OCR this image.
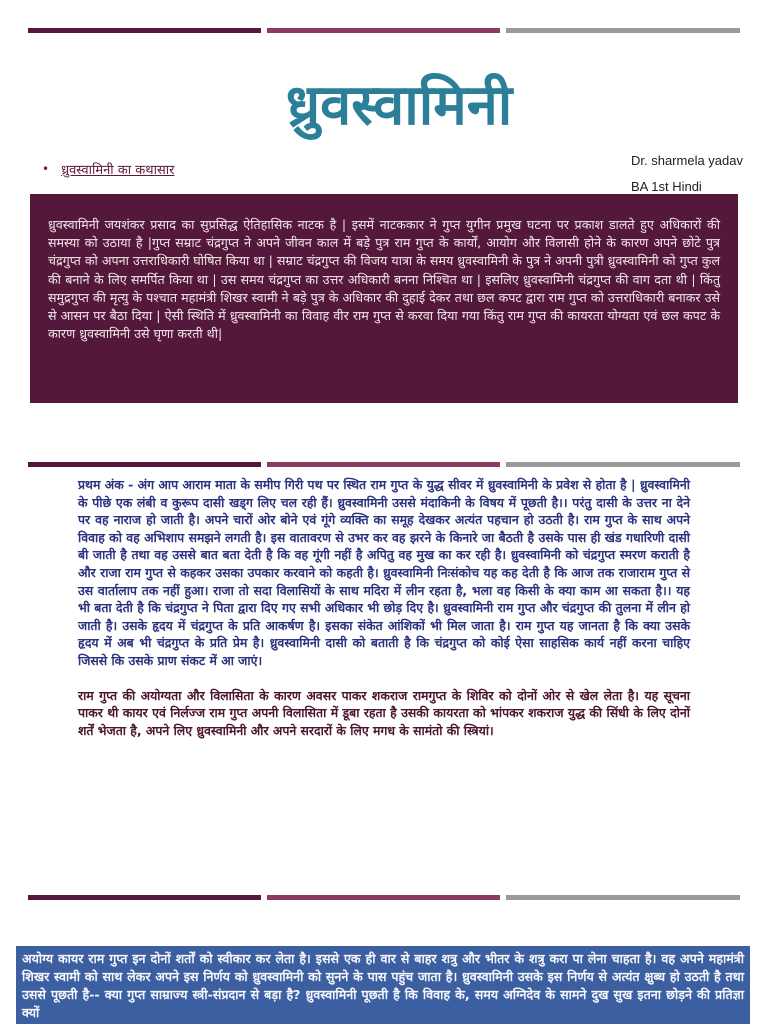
ध्रुवस्वामिनी
• ध्रुवस्वामिनी का कथासार
Dr. sharmela yadav
BA 1st Hindi
ध्रुवस्वामिनी जयशंकर प्रसाद का सुप्रसिद्ध ऐतिहासिक नाटक है | इसमें नाटककार ने गुप्त युगीन प्रमुख घटना पर प्रकाश डालते हुए अधिकारों की समस्या को उठाया है |गुप्त सम्राट चंद्रगुप्त ने अपने जीवन काल में बड़े पुत्र राम गुप्त के कार्यों, आयोग और विलासी होने के कारण अपने छोटे पुत्र चंद्रगुप्त को अपना उत्तराधिकारी घोषित किया था | सम्राट चंद्रगुप्त की विजय यात्रा के समय ध्रुवस्वामिनी के पुत्र ने अपनी पुत्री ध्रुवस्वामिनी को गुप्त कुल की बनाने के लिए समर्पित किया था | उस समय चंद्रगुप्त का उत्तर अधिकारी बनना निश्चित था | इसलिए ध्रुवस्वामिनी चंद्रगुप्त की वाग दता थी | किंतु समुद्रगुप्त की मृत्यु के पश्चात महामंत्री शिखर स्वामी ने बड़े पुत्र के अधिकार की दुहाई देकर तथा छल कपट द्वारा राम गुप्त को उत्तराधिकारी बनाकर उसे से आसन पर बैठा दिया | ऐसी स्थिति में ध्रुवस्वामिनी का विवाह वीर राम गुप्त से करवा दिया गया किंतु राम गुप्त की कायरता योग्यता एवं छल कपट के कारण ध्रुवस्वामिनी उसे घृणा करती थी|

प्रथम अंक - अंग आप आराम माता के समीप गिरी पथ पर स्थित राम गुप्त के युद्ध सीवर में ध्रुवस्वामिनी के प्रवेश से होता है | ध्रुवस्वामिनी के पीछे एक लंबी व कुरूप दासी खड्ग लिए चल रही हैं। ध्रुवस्वामिनी उससे मंदाकिनी के विषय में पूछती है।। परंतु दासी के उत्तर ना देने पर वह नाराज हो जाती है। अपने चारों ओर बोने एवं गूंगे व्यक्ति का समूह देखकर अत्यंत पहचान हो उठती है। राम गुप्त के साथ अपने विवाह को वह अभिशाप समझने लगती है। इस वातावरण से उभर कर वह झरने के किनारे जा बैठती है उसके पास ही खंड गधारिणी दासी बी जाती है तथा वह उससे बात बता देती है कि वह गूंगी नहीं है अपितु वह मुख का कर रही है। ध्रुवस्वामिनी को चंद्रगुप्त स्मरण कराती है और राजा राम गुप्त से कहकर उसका उपकार करवाने को कहती है। ध्रुवस्वामिनी निःसंकोच यह कह देती है कि आज तक राजाराम गुप्त से उस वार्तालाप तक नहीं हुआ। राजा तो सदा विलासियों के साथ मदिरा में लीन रहता है, भला वह किसी के क्या काम आ सकता है।। यह भी बता देती है कि चंद्रगुप्त ने पिता द्वारा दिए गए सभी अधिकार भी छोड़ दिए है। ध्रुवस्वामिनी राम गुप्त और चंद्रगुप्त की तुलना में लीन हो जाती है। उसके हृदय में चंद्रगुप्त के प्रति आकर्षण है। इसका संकेत आंशिकों भी मिल जाता है। राम गुप्त यह जानता है कि क्या उसके हृदय में अब भी चंद्रगुप्त के प्रति प्रेम है। ध्रुवस्वामिनी दासी को बताती है कि चंद्रगुप्त को कोई ऐसा साहसिक कार्य नहीं करना चाहिए जिससे कि उसके प्राण संकट में आ जाएं।

राम गुप्त की अयोग्यता और विलासिता के कारण अवसर पाकर शकराज रामगुप्त के शिविर को दोनों ओर से खेल लेता है। यह सूचना पाकर थी कायर एवं निर्लज्ज राम गुप्त अपनी विलासिता में डूबा रहता है उसकी कायरता को भांपकर शकराज युद्ध की सिंधी के लिए दोनों शर्तें भेजता है, अपने लिए ध्रुवस्वामिनी और अपने सरदारों के लिए मगध के सामंतो की स्त्रियां।

अयोग्य कायर राम गुप्त इन दोनों शर्तों को स्वीकार कर लेता है। इससे एक ही वार से बाहर शत्रु और भीतर के शत्रु करा पा लेना चाहता है। वह अपने महामंत्री शिखर स्वामी को साथ लेकर अपने इस निर्णय को ध्रुवस्वामिनी को सुनने के पास पहुंच जाता है। ध्रुवस्वामिनी उसके इस निर्णय से अत्यंत क्षुब्ध हो उठती है तथा उससे पूछती है-- क्या गुप्त साम्राज्य स्त्री-संप्रदान से बड़ा है? ध्रुवस्वामिनी पूछती है कि विवाह के, समय अग्निदेव के सामने दुख सुख इतना छोड़ने की प्रतिज्ञा क्यों
